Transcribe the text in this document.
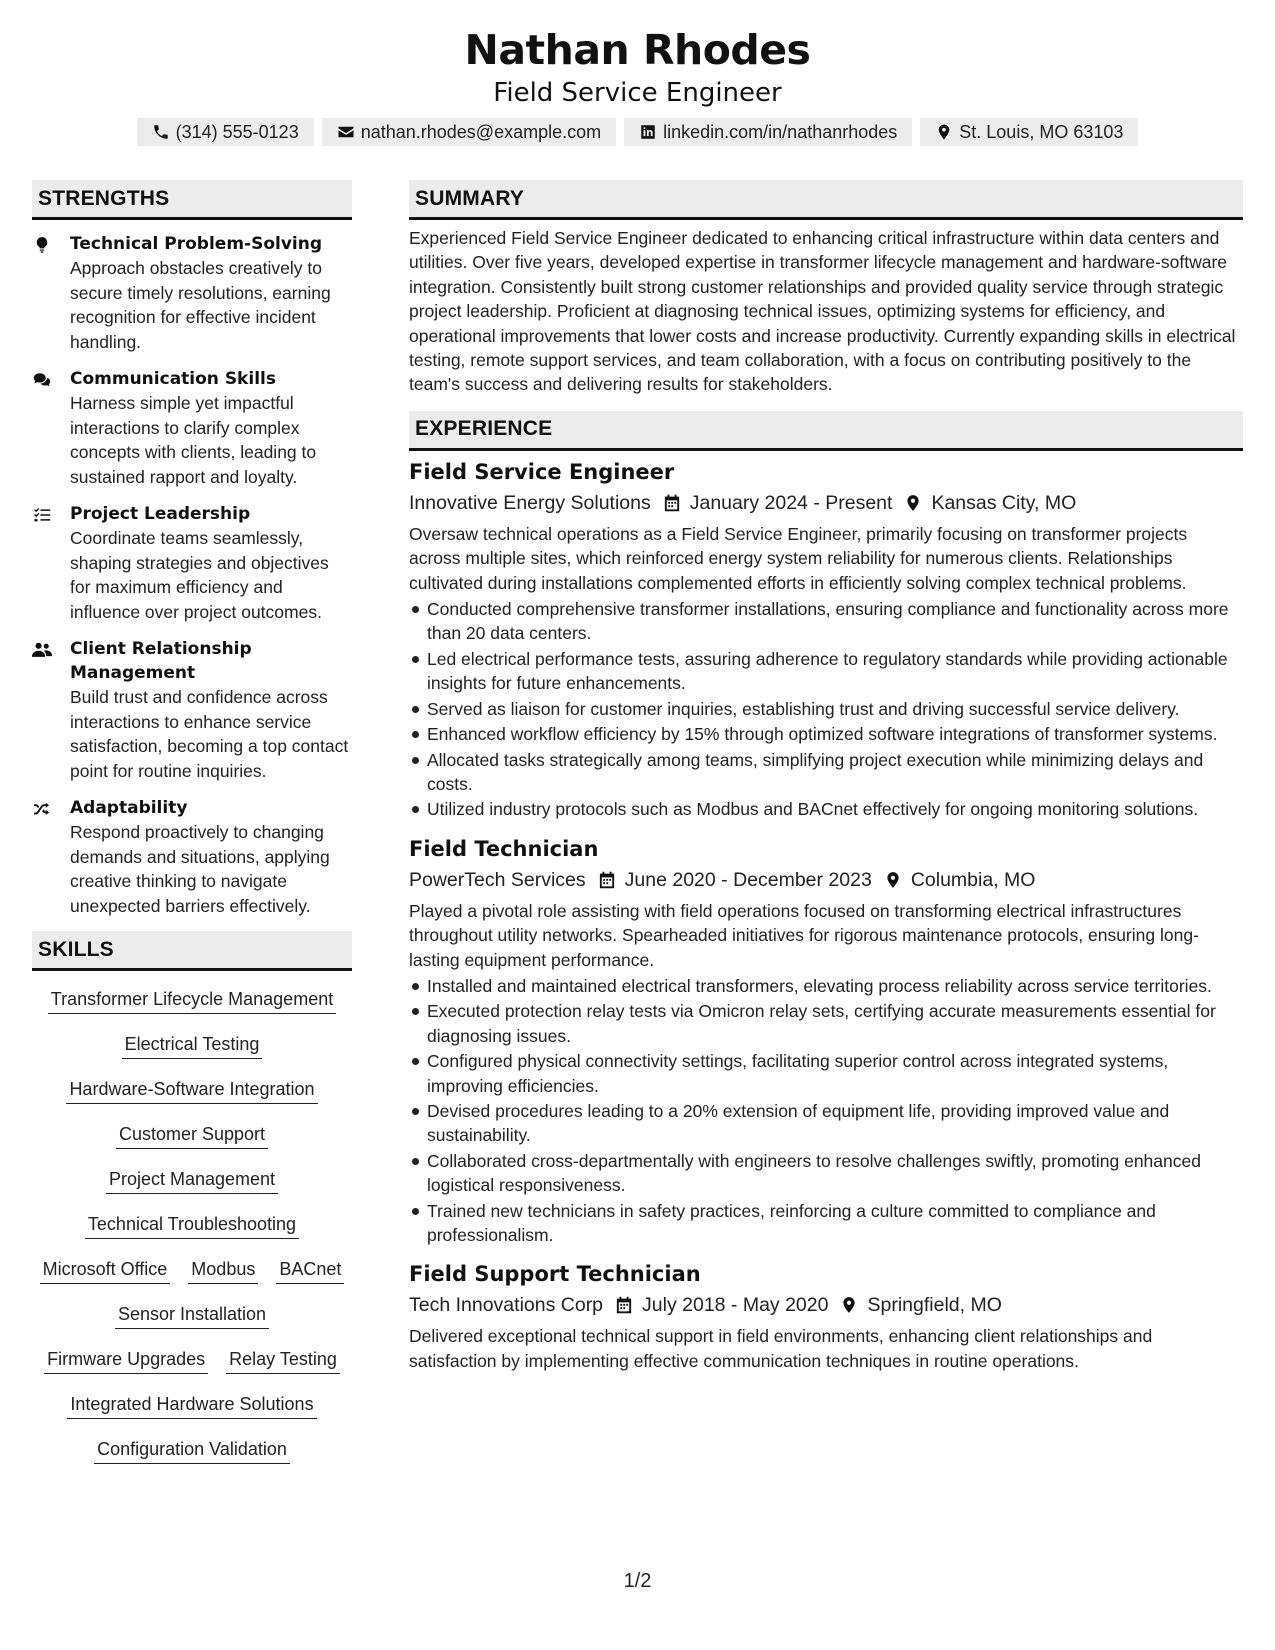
Nathan Rhodes
Field Service Engineer
(314) 555-0123	nathan.rhodes@example.com	linkedin.com/in/nathanrhodes	St. Louis, MO 63103
STRENGTHS
Technical Problem-Solving
Approach obstacles creatively to secure timely resolutions, earning recognition for effective incident handling.
Communication Skills
Harness simple yet impactful interactions to clarify complex concepts with clients, leading to sustained rapport and loyalty.
Project Leadership
Coordinate teams seamlessly, shaping strategies and objectives for maximum efficiency and influence over project outcomes.
Client Relationship Management
Build trust and confidence across interactions to enhance service satisfaction, becoming a top contact point for routine inquiries.
Adaptability
Respond proactively to changing demands and situations, applying creative thinking to navigate unexpected barriers effectively.
SKILLS
Transformer Lifecycle Management
Electrical Testing
Hardware-Software Integration
Customer Support
Project Management
Technical Troubleshooting
Microsoft Office Modbus BACnet
Sensor Installation
Firmware Upgrades Relay Testing
Integrated Hardware Solutions
Configuration Validation
SUMMARY
Experienced Field Service Engineer dedicated to enhancing critical infrastructure within data centers and utilities. Over five years, developed expertise in transformer lifecycle management and hardware-software integration. Consistently built strong customer relationships and provided quality service through strategic project leadership. Proficient at diagnosing technical issues, optimizing systems for efficiency, and operational improvements that lower costs and increase productivity. Currently expanding skills in electrical testing, remote support services, and team collaboration, with a focus on contributing positively to the team's success and delivering results for stakeholders.
EXPERIENCE
Field Service Engineer
Innovative Energy Solutions January 2024 - Present Kansas City, MO
Oversaw technical operations as a Field Service Engineer, primarily focusing on transformer projects across multiple sites, which reinforced energy system reliability for numerous clients. Relationships cultivated during installations complemented efforts in efficiently solving complex technical problems.
Conducted comprehensive transformer installations, ensuring compliance and functionality across more than 20 data centers.
Led electrical performance tests, assuring adherence to regulatory standards while providing actionable insights for future enhancements.
Served as liaison for customer inquiries, establishing trust and driving successful service delivery.
Enhanced workflow efficiency by 15% through optimized software integrations of transformer systems.
Allocated tasks strategically among teams, simplifying project execution while minimizing delays and costs.
Utilized industry protocols such as Modbus and BACnet effectively for ongoing monitoring solutions.
Field Technician
PowerTech Services June 2020 - December 2023 Columbia, MO
Played a pivotal role assisting with field operations focused on transforming electrical infrastructures throughout utility networks. Spearheaded initiatives for rigorous maintenance protocols, ensuring long-lasting equipment performance.
Installed and maintained electrical transformers, elevating process reliability across service territories.
Executed protection relay tests via Omicron relay sets, certifying accurate measurements essential for diagnosing issues.
Configured physical connectivity settings, facilitating superior control across integrated systems, improving efficiencies.
Devised procedures leading to a 20% extension of equipment life, providing improved value and sustainability.
Collaborated cross-departmentally with engineers to resolve challenges swiftly, promoting enhanced logistical responsiveness.
Trained new technicians in safety practices, reinforcing a culture committed to compliance and professionalism.
Field Support Technician
Tech Innovations Corp July 2018 - May 2020 Springfield, MO
Delivered exceptional technical support in field environments, enhancing client relationships and satisfaction by implementing effective communication techniques in routine operations.
1/2
